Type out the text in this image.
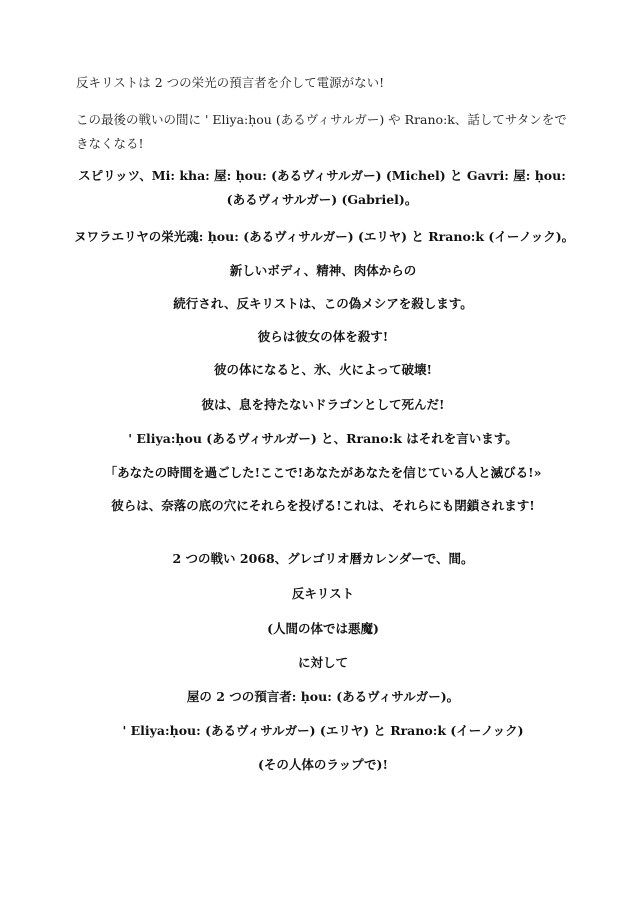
反キリストは 2 つの栄光の預言者を介して電源がない!

この最後の戦いの間に ' Eliya:ḥou (あるヴィサルガー) や Rrano:k、話してサタンをできなくなる!

スピリッツ、Mi: kha: 屋: ḥou: (あるヴィサルガー) (Michel) と Gavri: 屋: ḥou: (あるヴィサルガー) (Gabriel)。

ヌワラエリヤの栄光魂: ḥou: (あるヴィサルガー) (エリヤ) と Rrano:k (イーノック)。

新しいボディ、精神、肉体からの

続行され、反キリストは、この偽メシアを殺します。

彼らは彼女の体を殺す!

彼の体になると、氷、火によって破壊!

彼は、息を持たないドラゴンとして死んだ!

' Eliya:ḥou (あるヴィサルガー) と、Rrano:k はそれを言います。

「あなたの時間を過ごした!ここで!あなたがあなたを信じている人と滅びる!»

彼らは、奈落の底の穴にそれらを投げる!これは、それらにも閉鎖されます!

2 つの戦い 2068、グレゴリオ暦カレンダーで、間。

反キリスト

(人間の体では悪魔)

に対して

屋の 2 つの預言者: ḥou: (あるヴィサルガー)。

' Eliya:ḥou: (あるヴィサルガー) (エリヤ) と Rrano:k (イーノック)

(その人体のラップで)!
